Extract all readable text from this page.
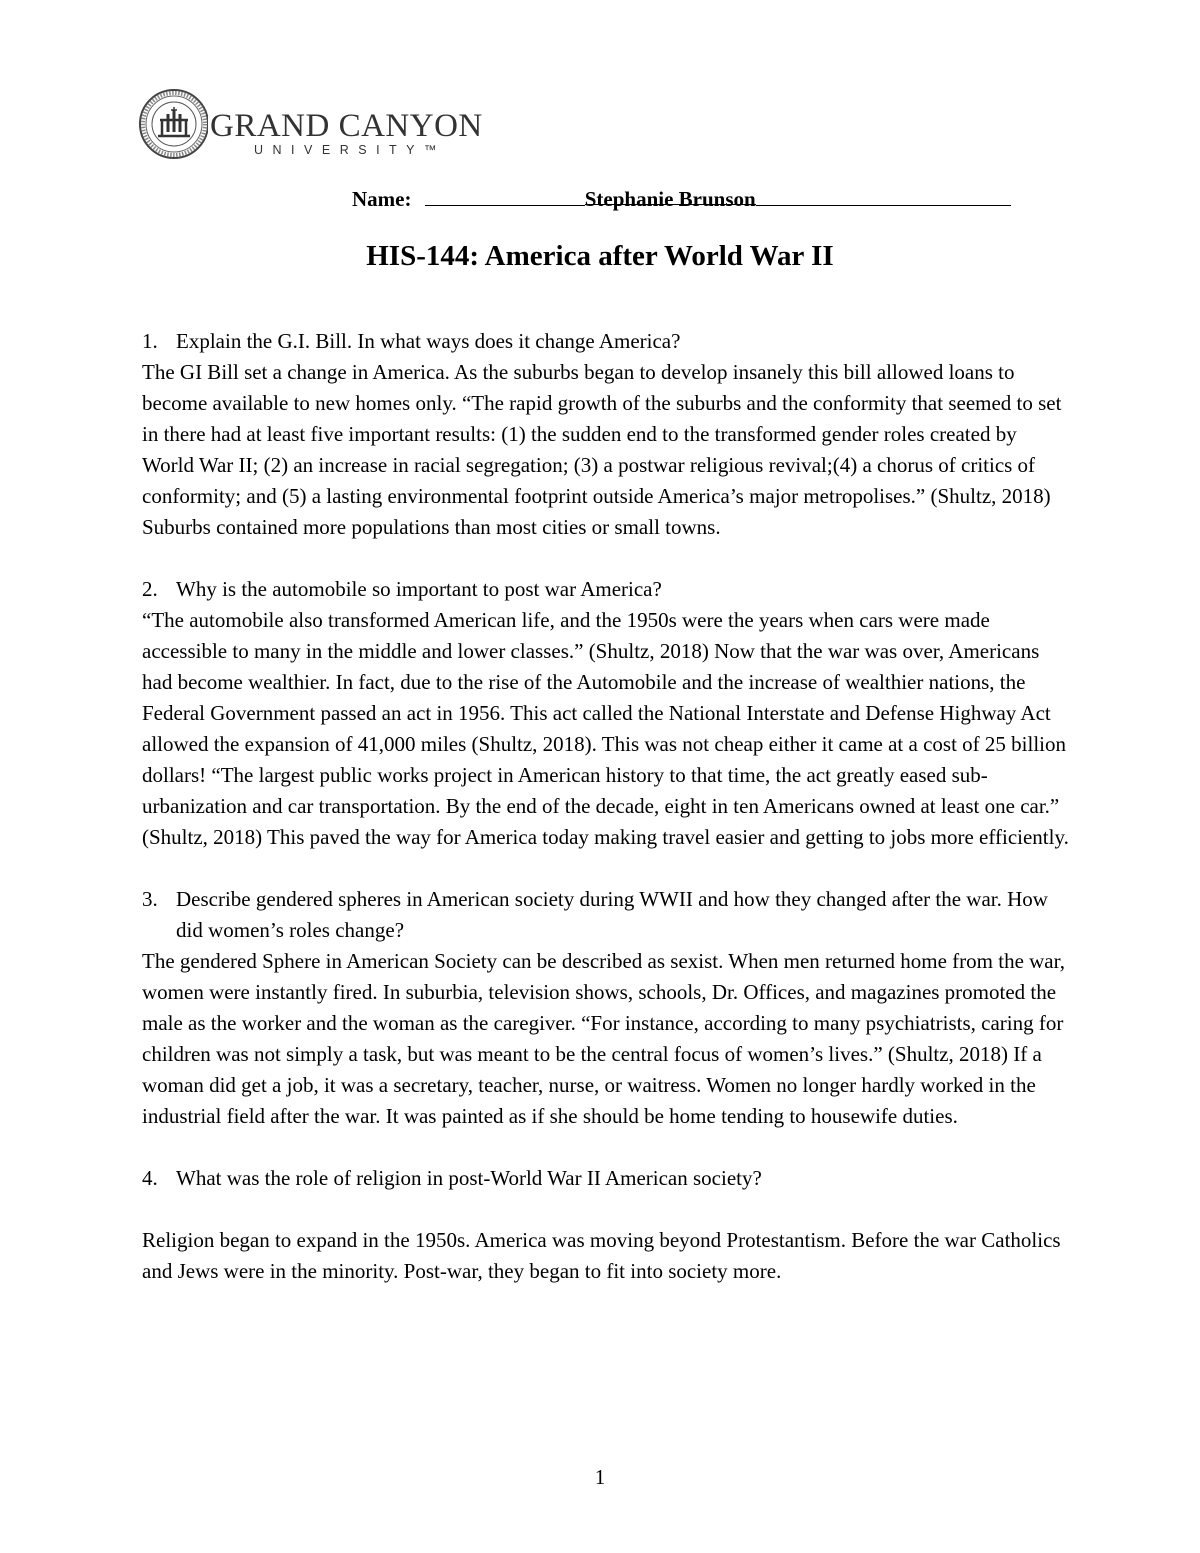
GRAND CANYON
UNIVERSITY™
Name:	Stephanie Brunson
HIS-144: America after World War II

1. Explain the G.I. Bill. In what ways does it change America?

The GI Bill set a change in America. As the suburbs began to develop insanely this bill allowed loans to become available to new homes only. “The rapid growth of the suburbs and the conformity that seemed to set in there had at least five important results: (1) the sudden end to the transformed gender roles created by World War II; (2) an increase in racial segregation; (3) a postwar religious revival;(4) a chorus of critics of conformity; and (5) a lasting environmental footprint outside America’s major metropolises.” (Shultz, 2018) Suburbs contained more populations than most cities or small towns.

2. Why is the automobile so important to post war America?

“The automobile also transformed American life, and the 1950s were the years when cars were made accessible to many in the middle and lower classes.” (Shultz, 2018) Now that the war was over, Americans had become wealthier. In fact, due to the rise of the Automobile and the increase of wealthier nations, the Federal Government passed an act in 1956. This act called the National Interstate and Defense Highway Act allowed the expansion of 41,000 miles (Shultz, 2018). This was not cheap either it came at a cost of 25 billion dollars! “The largest public works project in American history to that time, the act greatly eased sub-urbanization and car transportation. By the end of the decade, eight in ten Americans owned at least one car.” (Shultz, 2018) This paved the way for America today making travel easier and getting to jobs more efficiently.

3. Describe gendered spheres in American society during WWII and how they changed after the war. How did women’s roles change?

The gendered Sphere in American Society can be described as sexist. When men returned home from the war, women were instantly fired. In suburbia, television shows, schools, Dr. Offices, and magazines promoted the male as the worker and the woman as the caregiver. “For instance, according to many psychiatrists, caring for children was not simply a task, but was meant to be the central focus of women’s lives.” (Shultz, 2018) If a woman did get a job, it was a secretary, teacher, nurse, or waitress. Women no longer hardly worked in the industrial field after the war. It was painted as if she should be home tending to housewife duties.

4. What was the role of religion in post-World War II American society?

Religion began to expand in the 1950s. America was moving beyond Protestantism. Before the war Catholics and Jews were in the minority. Post-war, they began to fit into society more.

1
